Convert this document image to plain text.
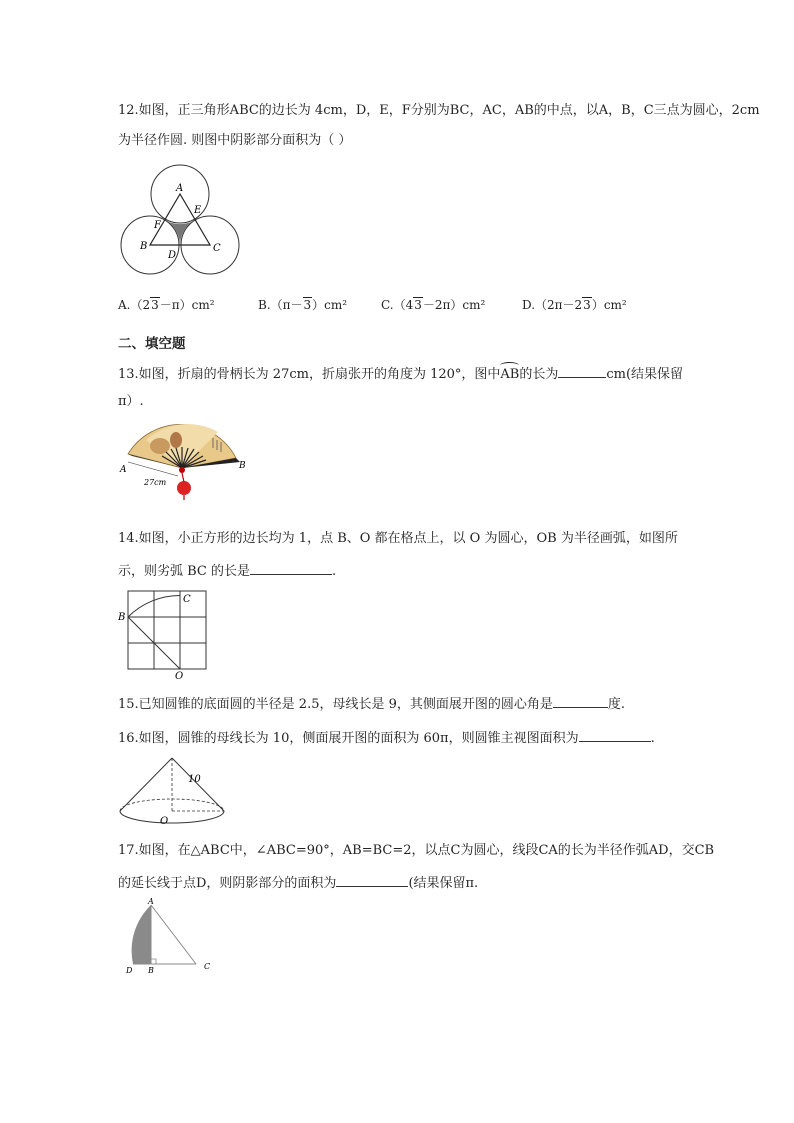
12.如图，正三角形ABC的边长为 4cm，D，E，F分别为BC，AC，AB的中点，以A，B，C三点为圆心，2cm
为半径作圆. 则图中阴影部分面积为（ ）
A
B	C
D
E
F
A.（23－π）cm²	B.（π－3）cm²	C.（43－2π）cm²	D.（2π－23）cm²
二、填空题
13.如图，折扇的骨柄长为 27cm，折扇张开的角度为 120°，图中AB的长为	cm(结果保留
π）.
A	B
27cm
14.如图，小正方形的边长均为 1，点 B、O 都在格点上，以 O 为圆心，OB 为半径画弧，如图所
示，则劣弧 BC 的长是	.
B
C
O
15.已知圆锥的底面圆的半径是 2.5，母线长是 9，其侧面展开图的圆心角是	度.
16.如图，圆锥的母线长为 10，侧面展开图的面积为 60π，则圆锥主视图面积为	.
10
O
17.如图，在△ABC中，∠ABC=90°，AB=BC=2，以点C为圆心，线段CA的长为半径作弧AD，交CB
的延长线于点D，则阴影部分的面积为	(结果保留π.
A
D B	C
